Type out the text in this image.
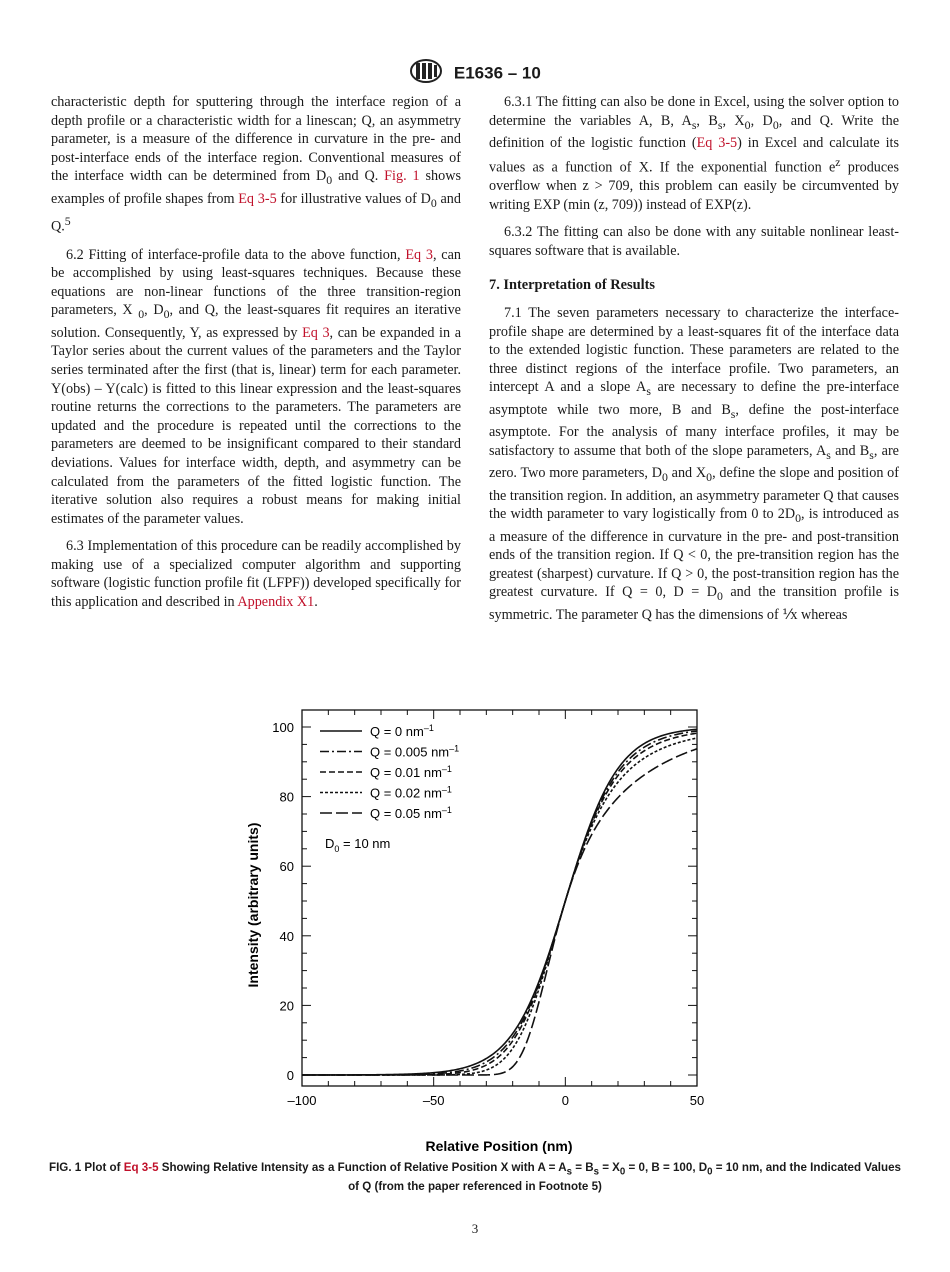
E1636 – 10

characteristic depth for sputtering through the interface region of a depth profile or a characteristic width for a linescan; Q, an asymmetry parameter, is a measure of the difference in curvature in the pre- and post-interface ends of the interface region. Conventional measures of the interface width can be determined from $D_0$ and Q. Fig. 1 shows examples of profile shapes from Eq 3-5 for illustrative values of $D_0$ and Q.$^5$

6.2 Fitting of interface-profile data to the above function, Eq 3, can be accomplished by using least-squares techniques. Because these equations are non-linear functions of the three transition-region parameters, X $_0$, $D_0$, and Q, the least-squares fit requires an iterative solution. Consequently, Y, as expressed by Eq 3, can be expanded in a Taylor series about the current values of the parameters and the Taylor series terminated after the first (that is, linear) term for each parameter. Y(obs) – Y(calc) is fitted to this linear expression and the least-squares routine returns the corrections to the parameters. The parameters are updated and the procedure is repeated until the corrections to the parameters are deemed to be insignificant compared to their standard deviations. Values for interface width, depth, and asymmetry can be calculated from the parameters of the fitted logistic function. The iterative solution also requires a robust means for making initial estimates of the parameter values.

6.3 Implementation of this procedure can be readily accomplished by making use of a specialized computer algorithm and supporting software (logistic function profile fit (LFPF)) developed specifically for this application and described in Appendix X1.

6.3.1 The fitting can also be done in Excel, using the solver option to determine the variables A, B, $A_s$, $B_s$, $X_0$, $D_0$, and Q. Write the definition of the logistic function (Eq 3-5) in Excel and calculate its values as a function of X. If the exponential function $e^z$ produces overflow when z > 709, this problem can easily be circumvented by writing EXP (min (z, 709)) instead of EXP(z).

6.3.2 The fitting can also be done with any suitable nonlinear least-squares software that is available.

7. Interpretation of Results

7.1 The seven parameters necessary to characterize the interface-profile shape are determined by a least-squares fit of the interface data to the extended logistic function. These parameters are related to the three distinct regions of the interface profile. Two parameters, an intercept A and a slope $A_s$ are necessary to define the pre-interface asymptote while two more, B and $B_s$, define the post-interface asymptote. For the analysis of many interface profiles, it may be satisfactory to assume that both of the slope parameters, $A_s$ and $B_s$, are zero. Two more parameters, $D_0$ and $X_0$, define the slope and position of the transition region. In addition, an asymmetry parameter Q that causes the width parameter to vary logistically from 0 to $2D_0$, is introduced as a measure of the difference in curvature in the pre- and post-transition ends of the transition region. If Q < 0, the pre-transition region has the greatest (sharpest) curvature. If Q > 0, the post-transition region has the greatest curvature. If Q = 0, $D = D_0$ and the transition profile is symmetric. The parameter Q has the dimensions of ⅟x whereas

–100	–50	0	50
0
20
40
60
80
100	Q = 0 $nm^{-1}$
Q = 0.005 $nm^{-1}$
Q = 0.01 $nm^{-1}$
Q = 0.02 $nm^{-1}$
Q = 0.05 $nm^{-1}$
Relative Position (nm)
Intensity (arbitrary units)	$D_0 = 10$ nm
FIG. 1 Plot of Eq 3-5 Showing Relative Intensity as a Function of Relative Position X with $A = A_s = B_s = X_0 = 0$, B = 100, $D_0 = 10$ nm, and the Indicated Values of Q (from the paper referenced in Footnote 5)
3
